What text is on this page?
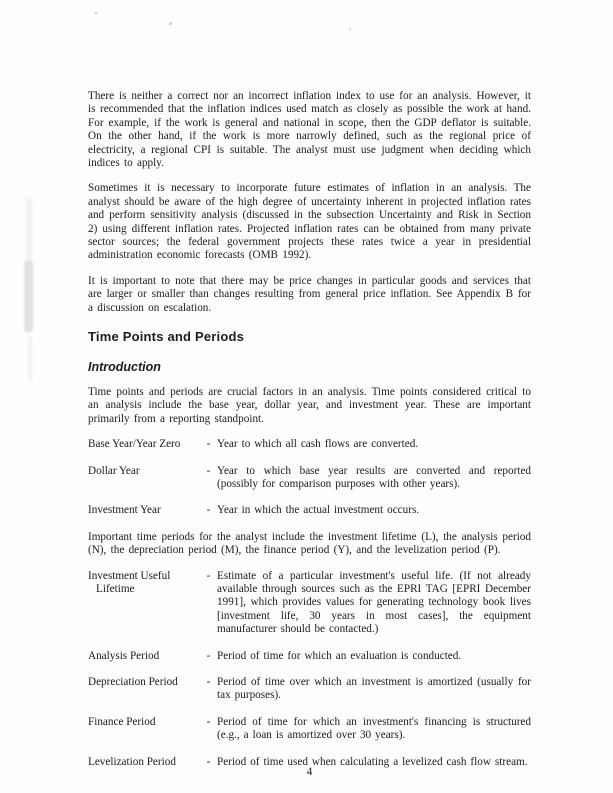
There is neither a correct nor an incorrect inflation index to use for an analysis. However, it is recommended that the inflation indices used match as closely as possible the work at hand. For example, if the work is general and national in scope, then the GDP deflator is suitable. On the other hand, if the work is more narrowly defined, such as the regional price of electricity, a regional CPI is suitable. The analyst must use judgment when deciding which indices to apply.

Sometimes it is necessary to incorporate future estimates of inflation in an analysis. The analyst should be aware of the high degree of uncertainty inherent in projected inflation rates and perform sensitivity analysis (discussed in the subsection Uncertainty and Risk in Section 2) using different inflation rates. Projected inflation rates can be obtained from many private sector sources; the federal government projects these rates twice a year in presidential administration economic forecasts (OMB 1992).

It is important to note that there may be price changes in particular goods and services that are larger or smaller than changes resulting from general price inflation. See Appendix B for a discussion on escalation.

Time Points and Periods
Introduction

Time points and periods are crucial factors in an analysis. Time points considered critical to an analysis include the base year, dollar year, and investment year. These are important primarily from a reporting standpoint.

Base Year/Year Zero	- Year to which all cash flows are converted.
Dollar Year	- Year to which base year results are converted and reported (possibly for comparison purposes with other years).
Investment Year	- Year in which the actual investment occurs.

Important time periods for the analyst include the investment lifetime (L), the analysis period (N), the depreciation period (M), the finance period (Y), and the levelization period (P).

Investment Useful Lifetime
- Estimate of a particular investment's useful life. (If not already available through sources such as the EPRI TAG [EPRI December 1991], which provides values for generating technology book lives [investment life, 30 years in most cases], the equipment manufacturer should be contacted.)
Analysis Period	- Period of time for which an evaluation is conducted.
Depreciation Period	- Period of time over which an investment is amortized (usually for tax purposes).
Finance Period	- Period of time for which an investment's financing is structured (e.g., a loan is amortized over 30 years).
Levelization Period	- Period of time used when calculating a levelized cash flow stream.
4
